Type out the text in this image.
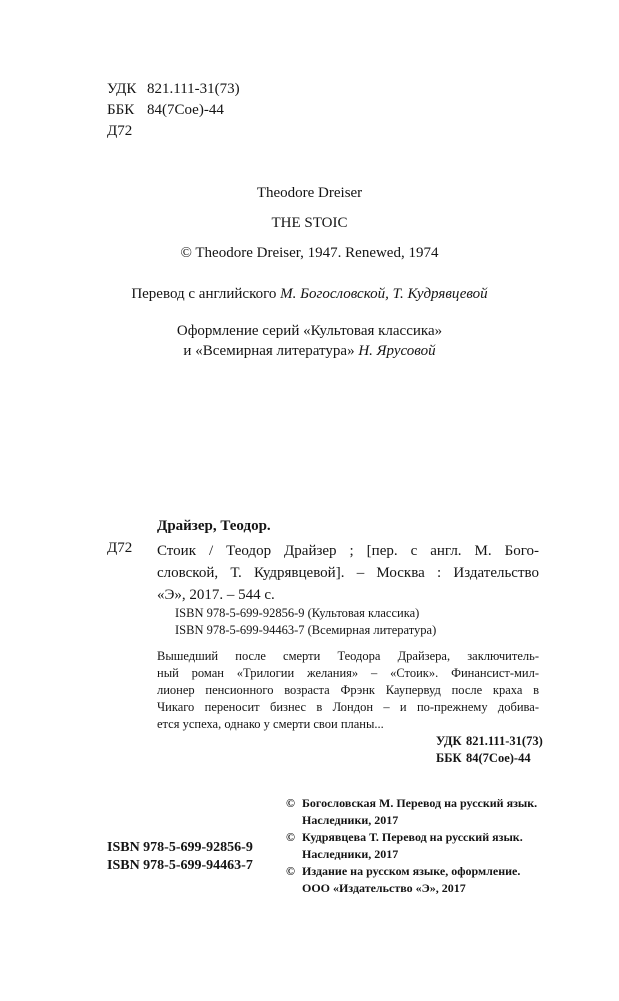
УДК 821.111-31(73)
ББК 84(7Сое)-44
Д72

Theodore Dreiser

THE STOIC

© Theodore Dreiser, 1947. Renewed, 1974

Перевод с английского М. Богословской, Т. Кудрявцевой

Оформление серий «Культовая классика»

и «Всемирная литература» Н. Ярусовой

Драйзер, Теодор.

Д72 Стоик / Теодор Драйзер ; [пер. с англ. М. Бого-
словской, Т. Кудрявцевой]. – Москва : Издательство
«Э», 2017. – 544 с.
ISBN 978-5-699-92856-9 (Культовая классика)
ISBN 978-5-699-94463-7 (Всемирная литература)
Вышедший после смерти Теодора Драйзера, заключитель-
ный роман «Трилогии желания» – «Стоик». Финансист-мил-
лионер пенсионного возраста Фрэнк Каупервуд после краха в
Чикаго переносит бизнес в Лондон – и по-прежнему добива-
ется успеха, однако у смерти свои планы...
УДК 821.111-31(73)
ББК 84(7Сое)-44
© Богословская М. Перевод на русский язык.
Наследники, 2017
© Кудрявцева Т. Перевод на русский язык.
Наследники, 2017
© Издание на русском языке, оформление.
ООО «Издательство «Э», 2017
ISBN 978-5-699-92856-9
ISBN 978-5-699-94463-7
